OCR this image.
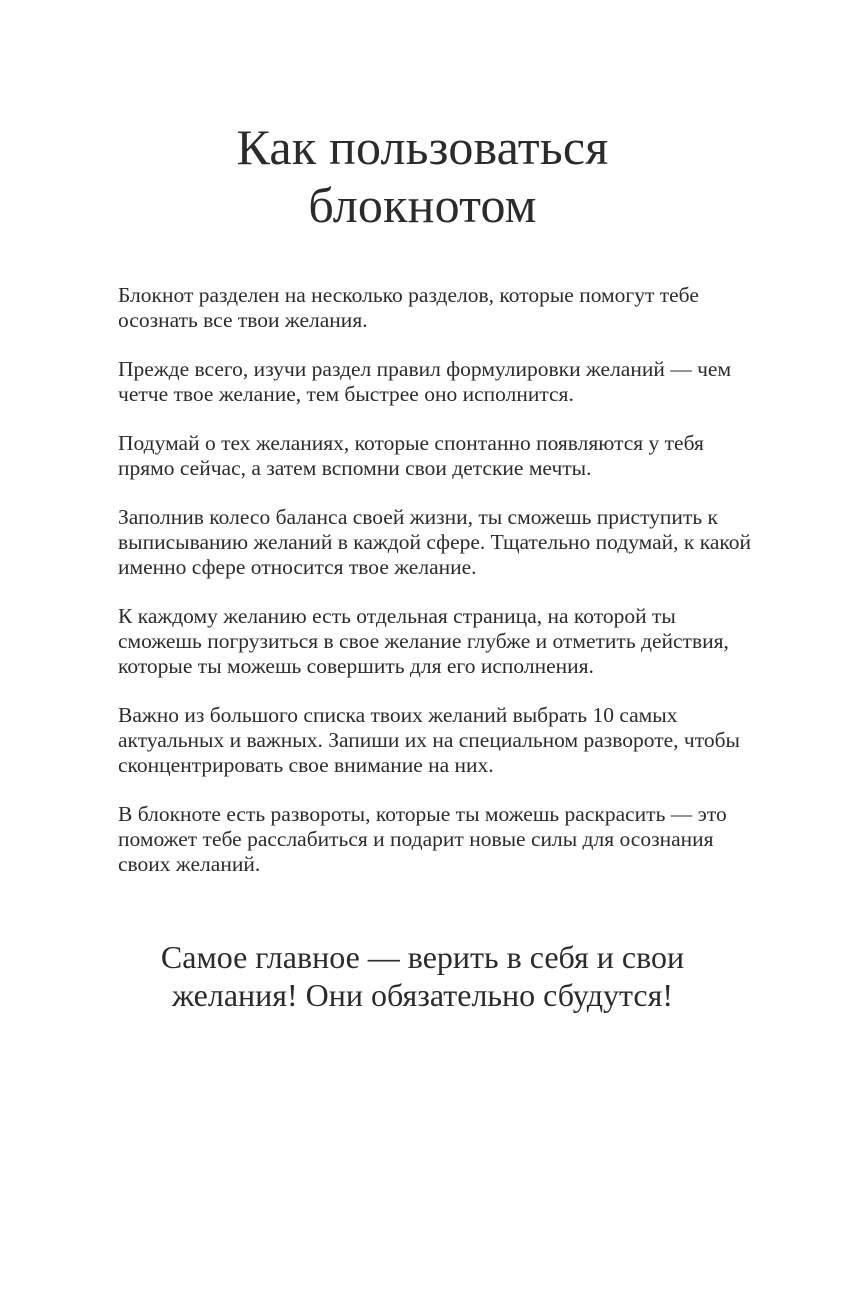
Как пользоваться
блокнотом

Блокнот разделен на несколько разделов, которые помогут тебе осознать все твои желания.

Прежде всего, изучи раздел правил формулировки желаний — чем четче твое желание, тем быстрее оно исполнится.

Подумай о тех желаниях, которые спонтанно появляются у тебя прямо сейчас, а затем вспомни свои детские мечты.

Заполнив колесо баланса своей жизни, ты сможешь приступить к выписыванию желаний в каждой сфере. Тщательно подумай, к какой именно сфере относится твое желание.

К каждому желанию есть отдельная страница, на которой ты сможешь погрузиться в свое желание глубже и отметить действия, которые ты можешь совершить для его исполнения.

Важно из большого списка твоих желаний выбрать 10 самых актуальных и важных. Запиши их на специальном развороте, чтобы сконцентрировать свое внимание на них.

В блокноте есть развороты, которые ты можешь раскрасить — это поможет тебе расслабиться и подарит новые силы для осознания своих желаний.

Самое главное — верить в себя и свои
желания! Они обязательно сбудутся!
